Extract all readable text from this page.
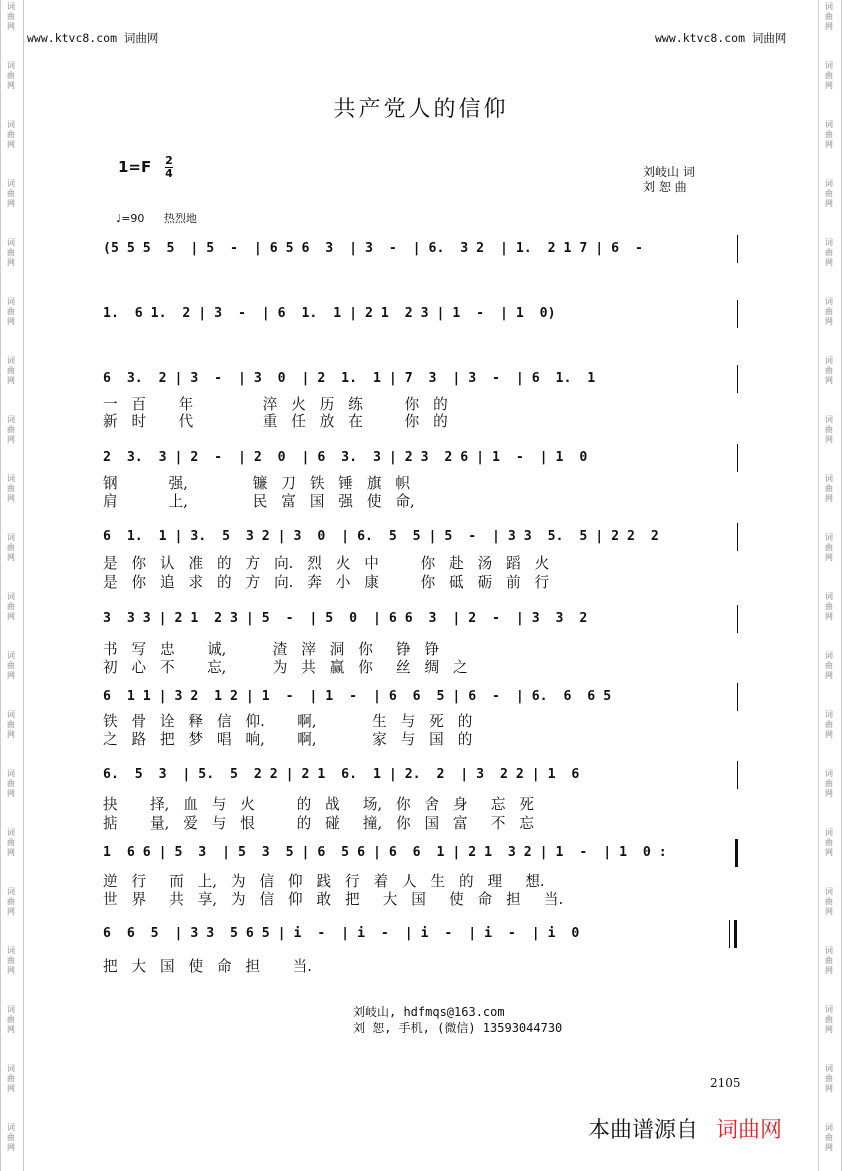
词
曲
网
词
曲
网
词
曲
网
词
曲
网
词
曲
网
词
曲
网
词
曲
网
词
曲
网
词
曲
网
词
曲
网
词
曲
网
词
曲
网
词
曲
网
词
曲
网
词
曲
网
词
曲
网
词
曲
网
词
曲
网
词
曲
网
词
曲
网
词
曲
网
词
曲
网
词
曲
网
词
曲
网
词
曲
网
词
曲
网
词
曲
网
词
曲
网
词
曲
网
词
曲
网
词
曲
网
词
曲
网
词
曲
网
词
曲
网
词
曲
网
词
曲
网
词
曲
网
词
曲
网
词
曲
网
词
曲
网
www.ktvc8.com 词曲网	www.ktvc8.com 词曲网
共产党人的信仰
刘岐山 词
刘 恕 曲
1=F 2
4
♩=90 热烈地
(5 5 5  5  | 5  -  | 6 5 6  3  | 3  -  | 6.  3 2  | 1.  2 1 7 | 6  -
1.  6 1.  2 | 3  -  | 6  1.  1 | 2 1  2 3 | 1  -  | 1  0)
6  3.  2 | 3  -  | 3  0  | 2  1.  1 | 7  3  | 3  -  | 6  1.  1
2  3.  3 | 2  -  | 2  0  | 6  3.  3 | 2 3  2 6 | 1  -  | 1  0
6  1.  1 | 3.  5  3 2 | 3  0  | 6.  5  5 | 5  -  | 3 3  5.  5 | 2 2  2
3  3 3 | 2 1  2 3 | 5  -  | 5  0  | 6 6  3  | 2  -  | 3  3  2
6  1 1 | 3 2  1 2 | 1  -  | 1  -  | 6  6  5 | 6  -  | 6.  6  6 5
6.  5  3  | 5.  5  2 2 | 2 1  6.  1 | 2.  2  | 3  2 2 | 1  6
1  6 6 | 5  3  | 5  3  5 | 6  5 6 | 6  6  1 | 2 1  3 2 | 1  -  | 1  0 :
6  6  5  | 3 3  5 6 5 | i  -  | i  -  | i  -  | i  -  | i  0
一   百       年               淬   火   历   练         你   的
新   时       代               重   任   放   在         你   的
钢           强,              镰   刀   铁   锤   旗   帜
肩           上,              民   富   国   强   使   命,
是   你   认   准   的   方   向.   烈   火   中         你   赴   汤   蹈   火
是   你   追   求   的   方   向.   奔   小   康         你   砥   砺   前   行
书   写   忠       诚,          渣   滓   洞   你     铮   铮
初   心   不       忘,          为   共   赢   你     丝   绸   之
铁   骨   诠   释   信   仰.       啊,            生   与   死   的
之   路   把   梦   唱   响,       啊,            家   与   国   的
抉       择,   血   与   火         的   战     场,   你   舍   身     忘   死
掂       量,   爱   与   恨         的   碰     撞,   你   国   富     不   忘
逆   行     而   上,   为   信   仰   践   行   着   人   生   的   理     想.
世   界     共   享,   为   信   仰   敢   把     大   国     使   命   担     当.
把   大   国   使   命   担       当.
刘岐山, hdfmqs@163.com
刘 恕, 手机, (微信) 13593044730
2105
本曲谱源自 词曲网
